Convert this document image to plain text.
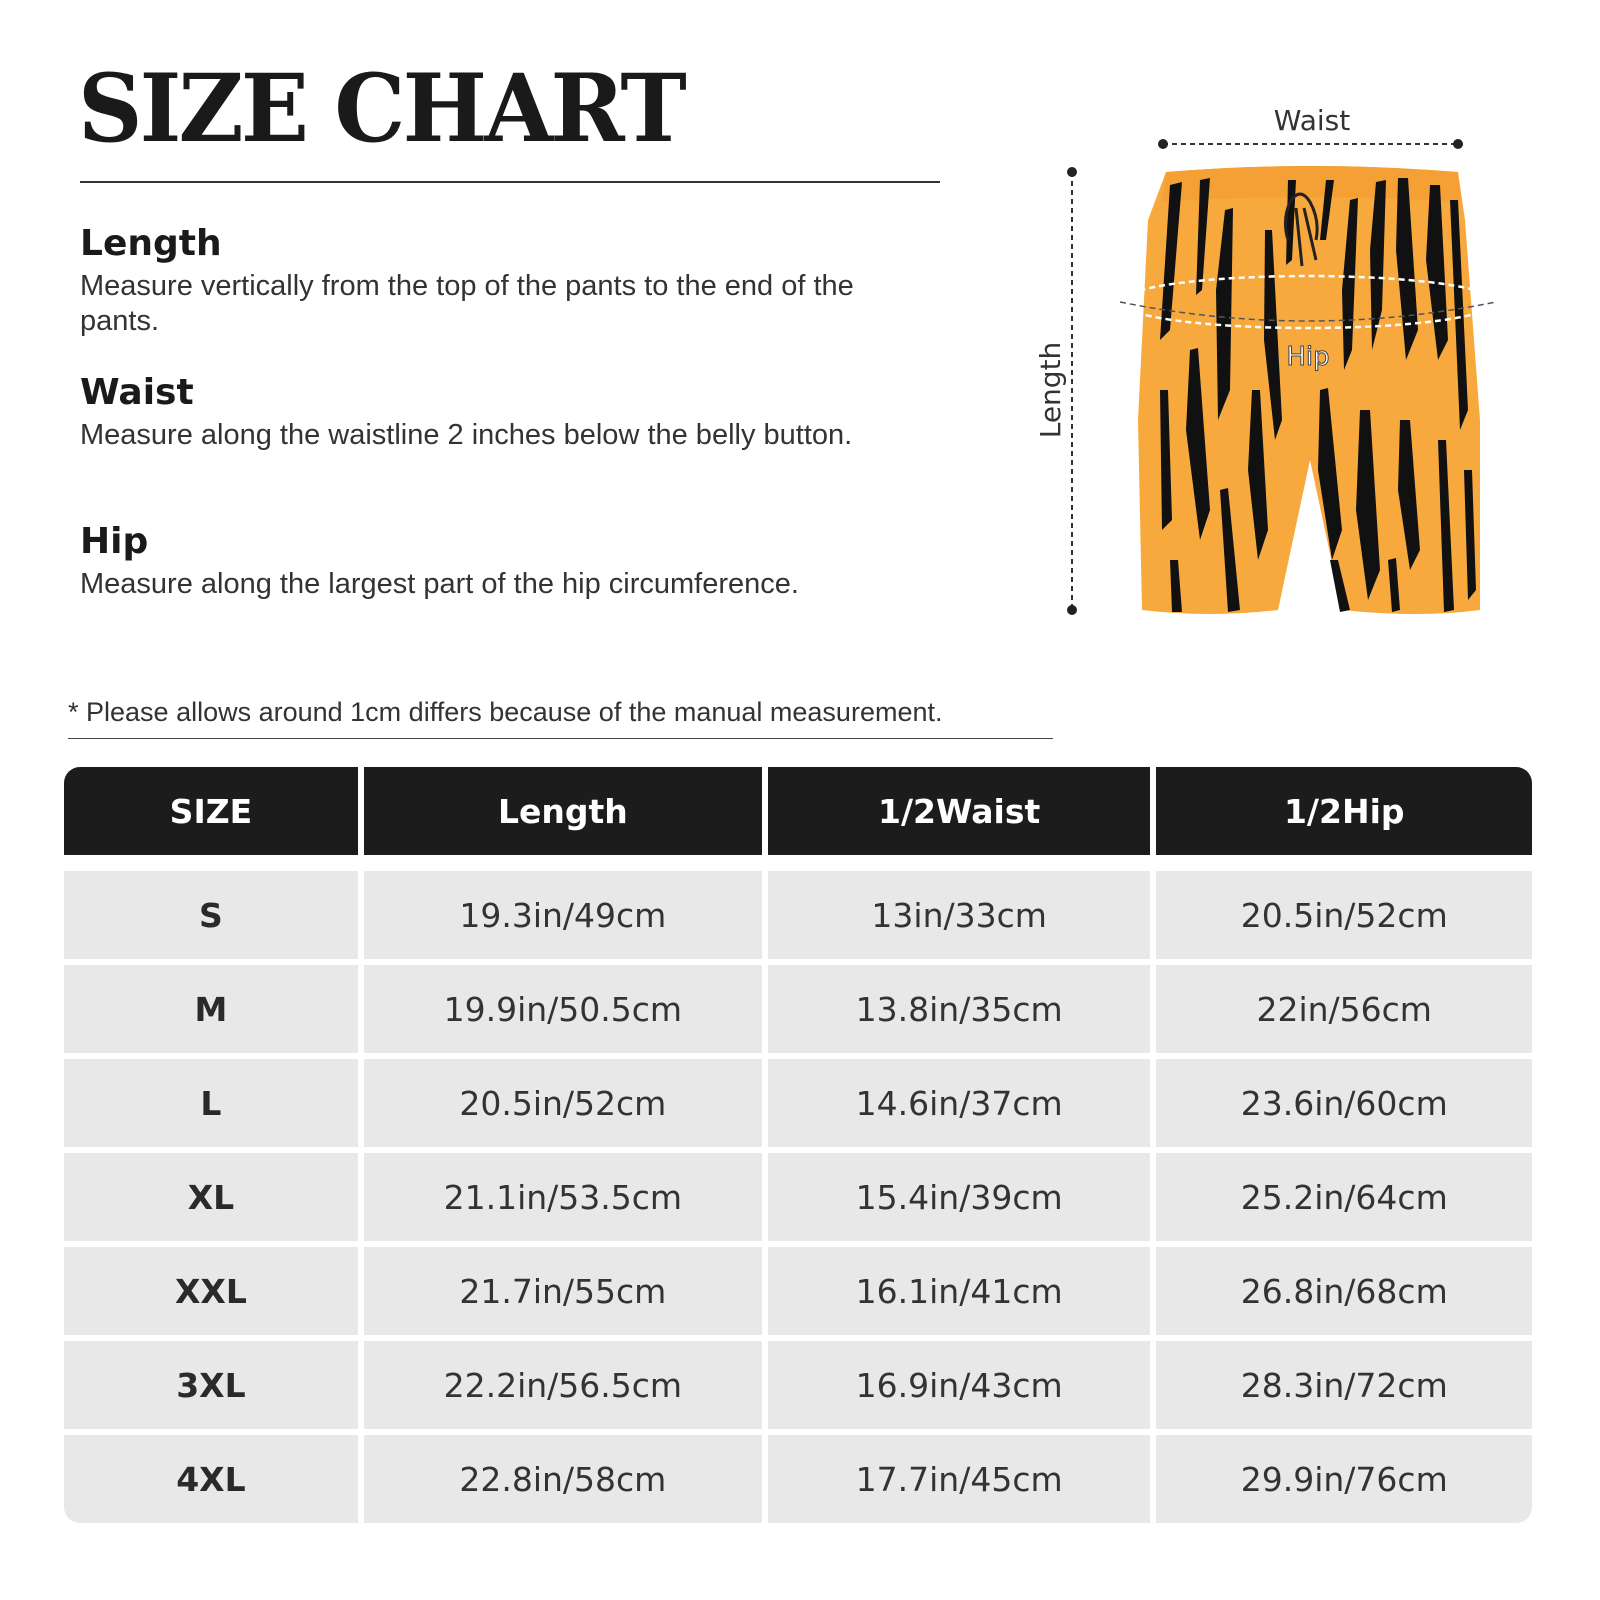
SIZE CHART
Length

Measure vertically from the top of the pants to the end of the pants.

Waist

Measure along the waistline 2 inches below the belly button.

Hip

Measure along the largest part of the hip circumference.

Waist
Length	Hip
* Please allows around 1cm differs because of the manual measurement.
SIZE	Length	1/2Waist	1/2Hip

S	19.3in/49cm	13in/33cm	20.5in/52cm
M	19.9in/50.5cm	13.8in/35cm	22in/56cm
L	20.5in/52cm	14.6in/37cm	23.6in/60cm
XL	21.1in/53.5cm	15.4in/39cm	25.2in/64cm
XXL	21.7in/55cm	16.1in/41cm	26.8in/68cm
3XL	22.2in/56.5cm	16.9in/43cm	28.3in/72cm
4XL	22.8in/58cm	17.7in/45cm	29.9in/76cm
